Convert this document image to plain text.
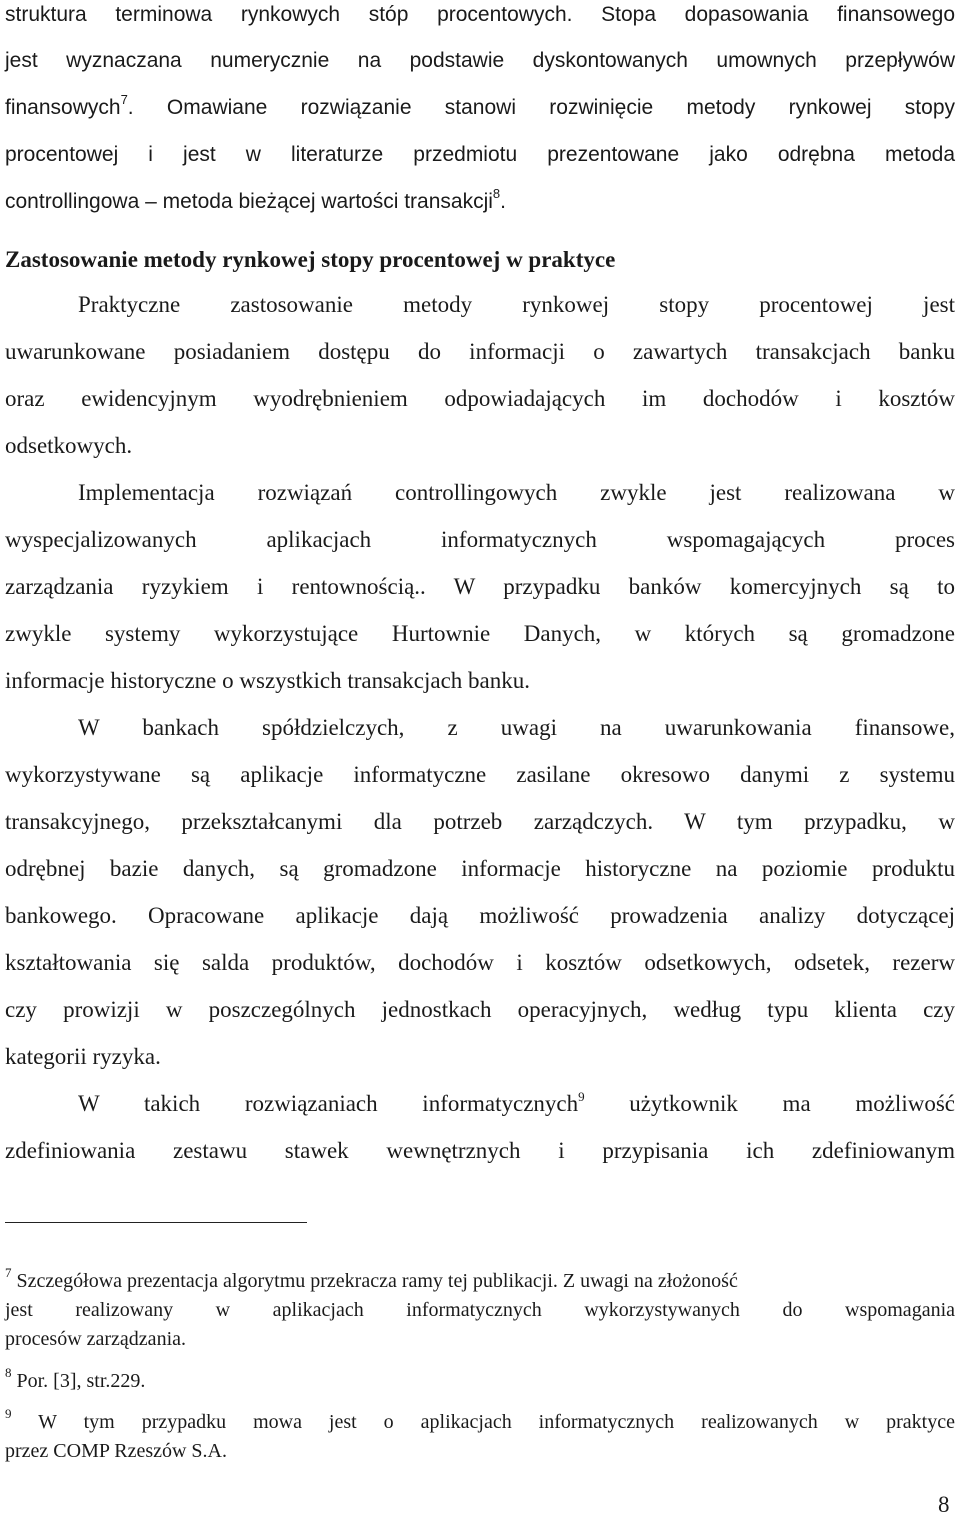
struktura terminowa rynkowych stóp procentowych. Stopa dopasowania finansowego
jest wyznaczana numerycznie na podstawie dyskontowanych umownych przepływów
finansowych$^7$. Omawiane rozwiązanie stanowi rozwinięcie metody rynkowej stopy
procentowej i jest w literaturze przedmiotu prezentowane jako odrębna metoda
controllingowa – metoda bieżącej wartości transakcji$^8$.
Zastosowanie metody rynkowej stopy procentowej w praktyce
Praktyczne zastosowanie metody rynkowej stopy procentowej jest
uwarunkowane posiadaniem dostępu do informacji o zawartych transakcjach banku
oraz ewidencyjnym wyodrębnieniem odpowiadających im dochodów i kosztów
odsetkowych.
Implementacja rozwiązań controllingowych zwykle jest realizowana w
wyspecjalizowanych aplikacjach informatycznych wspomagających proces
zarządzania ryzykiem i rentownością.. W przypadku banków komercyjnych są to
zwykle systemy wykorzystujące Hurtownie Danych, w których są gromadzone
informacje historyczne o wszystkich transakcjach banku.
W bankach spółdzielczych, z uwagi na uwarunkowania finansowe,
wykorzystywane są aplikacje informatyczne zasilane okresowo danymi z systemu
transakcyjnego, przekształcanymi dla potrzeb zarządczych. W tym przypadku, w
odrębnej bazie danych, są gromadzone informacje historyczne na poziomie produktu
bankowego. Opracowane aplikacje dają możliwość prowadzenia analizy dotyczącej
kształtowania się salda produktów, dochodów i kosztów odsetkowych, odsetek, rezerw
czy prowizji w poszczególnych jednostkach operacyjnych, według typu klienta czy
kategorii ryzyka.
W takich rozwiązaniach informatycznych$^9$ użytkownik ma możliwość
zdefiniowania zestawu stawek wewnętrznych i przypisania ich zdefiniowanym
$^7$ Szczegółowa prezentacja algorytmu przekracza ramy tej publikacji. Z uwagi na złożoność
jest realizowany w aplikacjach informatycznych wykorzystywanych do wspomagania
procesów zarządzania.
$^8$ Por. [3], str.229.
$^9$ W tym przypadku mowa jest o aplikacjach informatycznych realizowanych w praktyce
przez COMP Rzeszów S.A.
8
